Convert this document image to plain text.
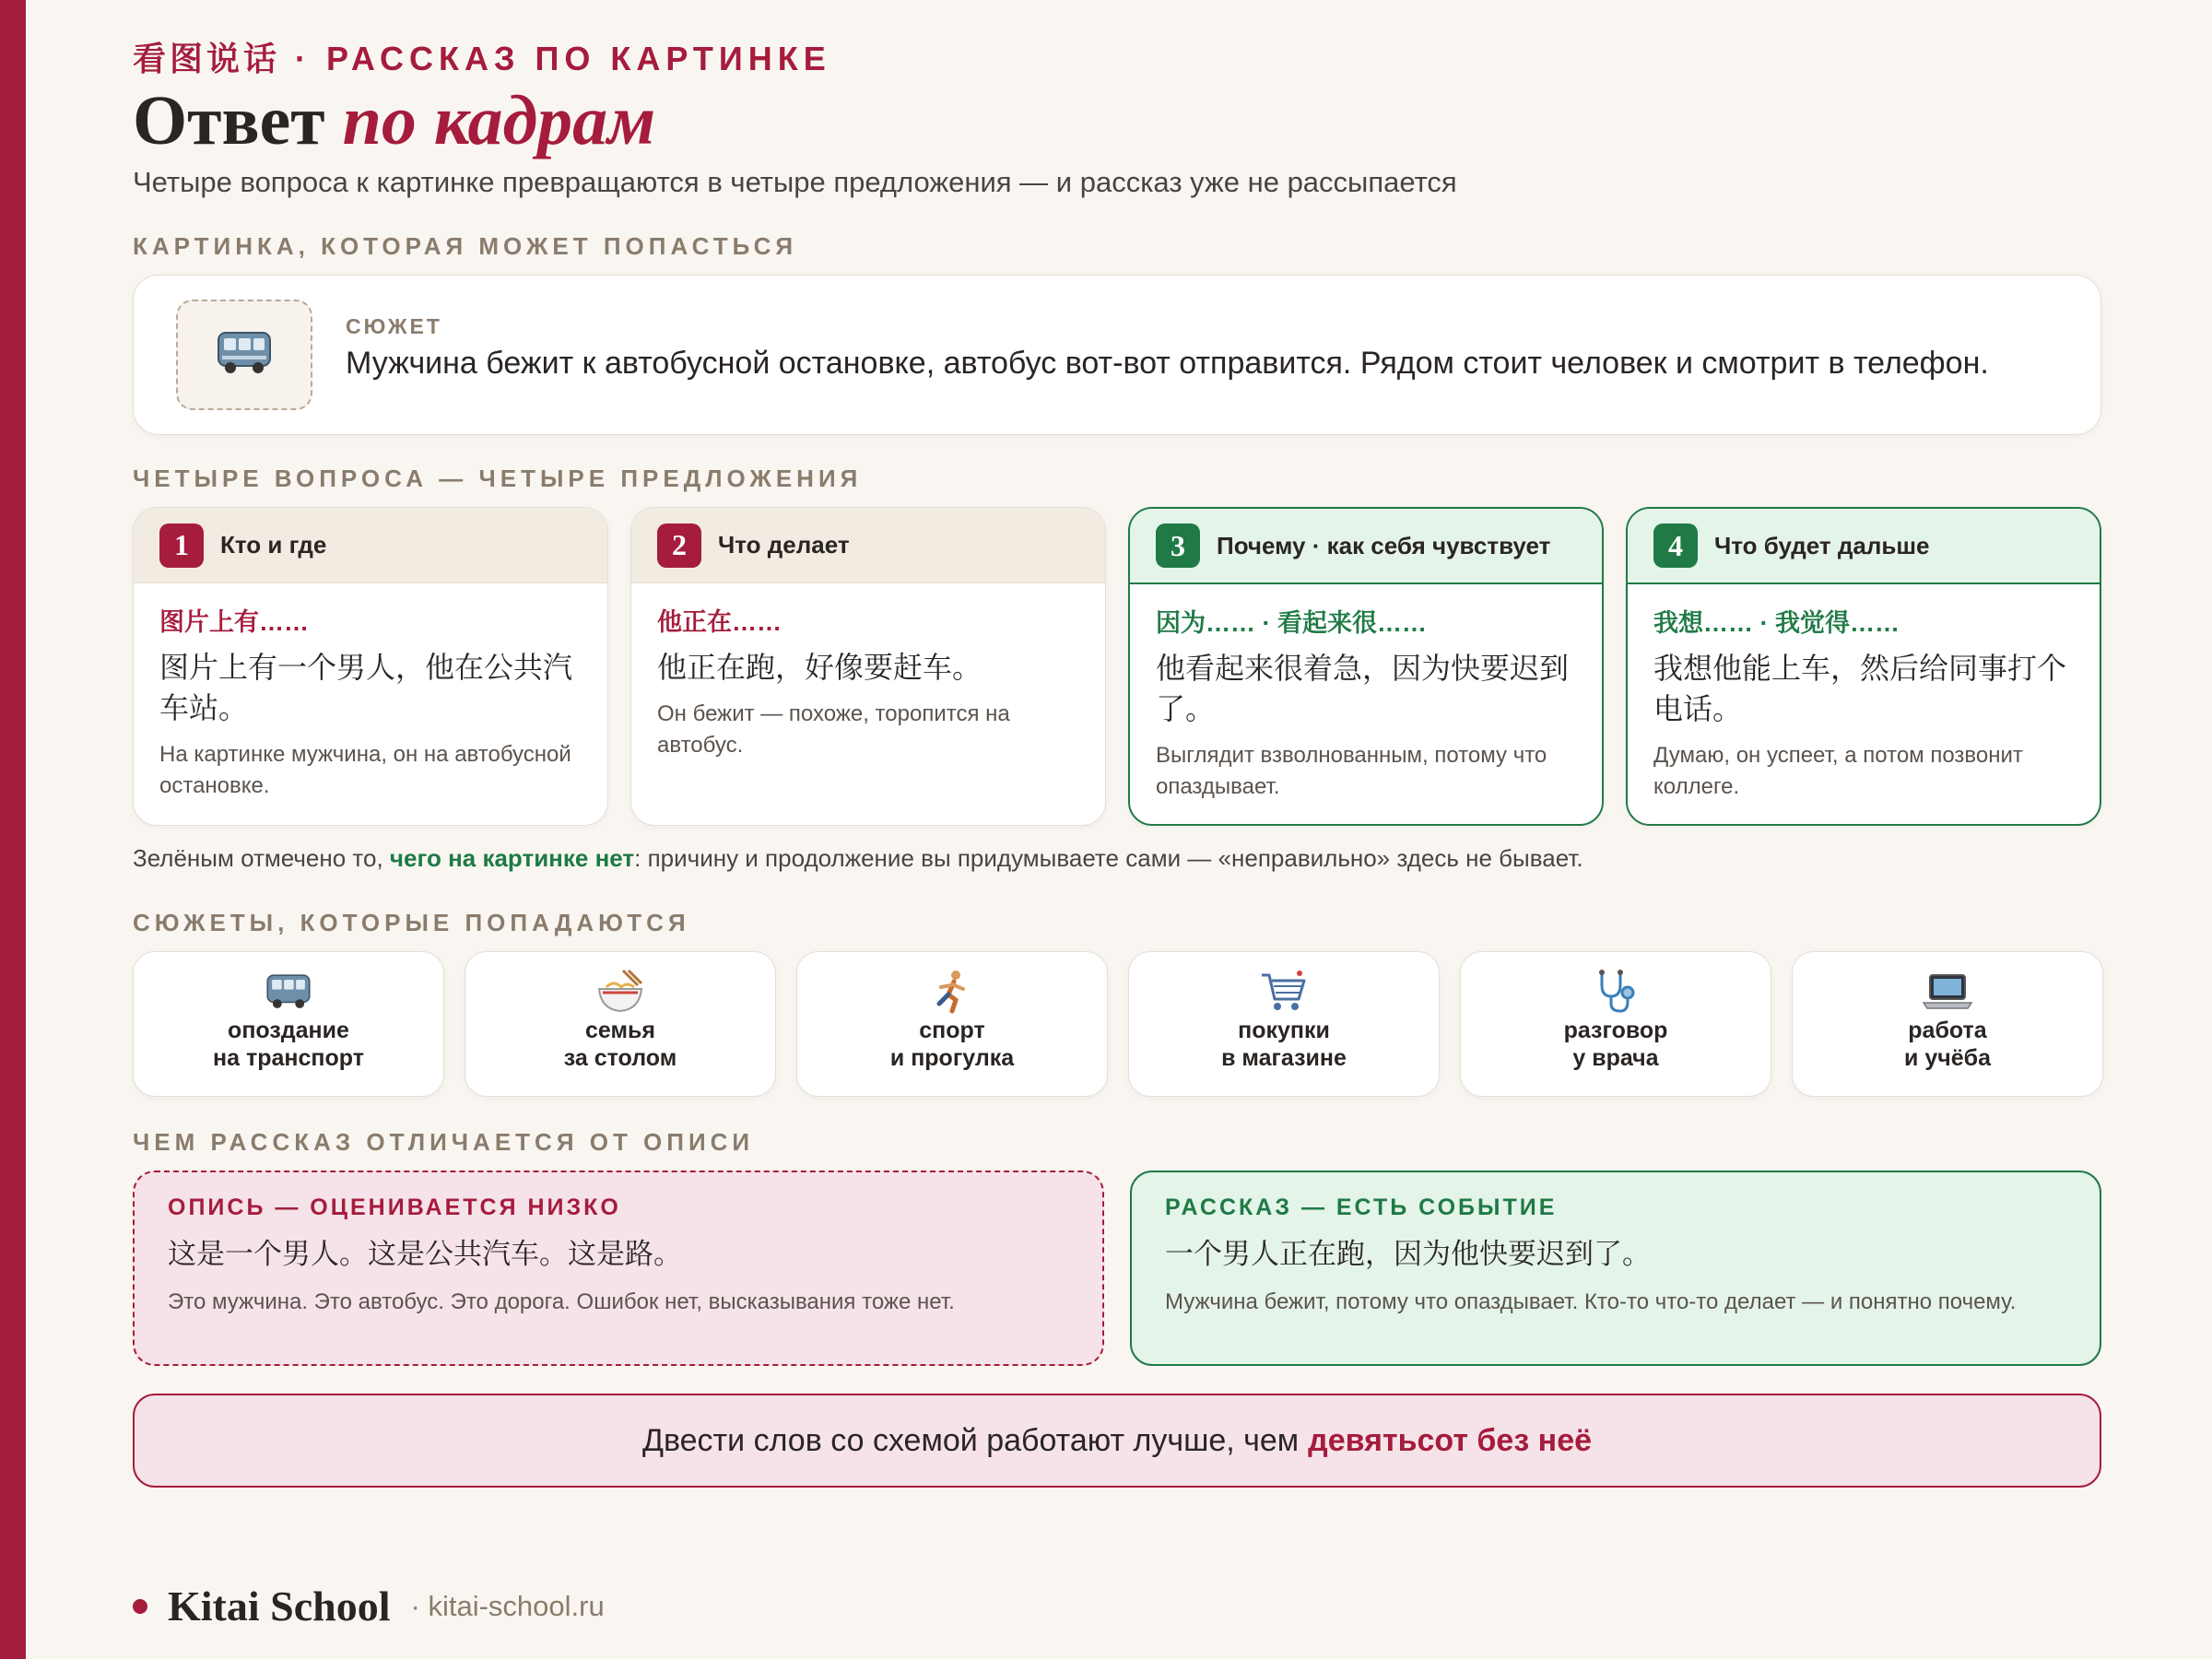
看图说话 · РАССКАЗ ПО КАРТИНКЕ
Ответ по кадрам
Четыре вопроса к картинке превращаются в четыре предложения — и рассказ уже не рассыпается
КАРТИНКА, КОТОРАЯ МОЖЕТ ПОПАСТЬСЯ
СЮЖЕТ
Мужчина бежит к автобусной остановке, автобус вот-вот отправится. Рядом стоит человек и смотрит в телефон.
ЧЕТЫРЕ ВОПРОСА — ЧЕТЫРЕ ПРЕДЛОЖЕНИЯ
1	Кто и где
图片上有……
图片上有一个男人，他在公共汽车站。
На картинке мужчина, он на автобусной остановке.
2	Что делает
他正在……
他正在跑，好像要赶车。
Он бежит — похоже, торопится на автобус.
3	Почему · как себя чувствует
因为…… · 看起来很……
他看起来很着急，因为快要迟到了。
Выглядит взволнованным, потому что опаздывает.
4	Что будет дальше
我想…… · 我觉得……
我想他能上车，然后给同事打个电话。
Думаю, он успеет, а потом позвонит коллеге.
Зелёным отмечено то, чего на картинке нет: причину и продолжение вы придумываете сами — «неправильно» здесь не бывает.
СЮЖЕТЫ, КОТОРЫЕ ПОПАДАЮТСЯ
опоздание
на транспорт
семья
за столом
спорт
и прогулка
покупки
в магазине
разговор
у врача
работа
и учёба
ЧЕМ РАССКАЗ ОТЛИЧАЕТСЯ ОТ ОПИСИ
ОПИСЬ — ОЦЕНИВАЕТСЯ НИЗКО
这是一个男人。这是公共汽车。这是路。
Это мужчина. Это автобус. Это дорога. Ошибок нет, высказывания тоже нет.
РАССКАЗ — ЕСТЬ СОБЫТИЕ
一个男人正在跑，因为他快要迟到了。
Мужчина бежит, потому что опаздывает. Кто-то что-то делает — и понятно почему.
Двести слов со схемой работают лучше, чем девятьсот без неё
Kitai School · kitai-school.ru
